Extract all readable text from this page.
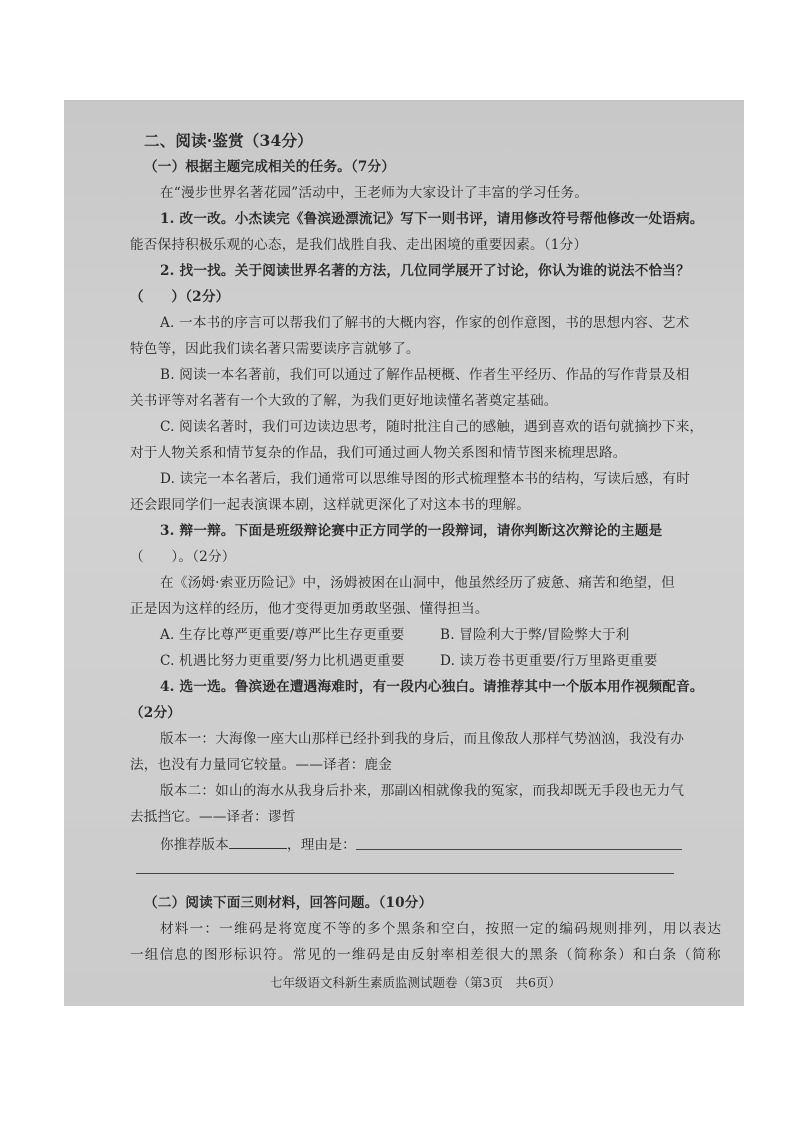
二、阅读·鉴赏（34分）
（一）根据主题完成相关的任务。（7分）
在“漫步世界名著花园”活动中，王老师为大家设计了丰富的学习任务。
1. 改一改。小杰读完《鲁滨逊漂流记》写下一则书评，请用修改符号帮他修改一处语病。
能否保持积极乐观的心态，是我们战胜自我、走出困境的重要因素。（1分）
2. 找一找。关于阅读世界名著的方法，几位同学展开了讨论，你认为谁的说法不恰当？
（　　）（2分）
A. 一本书的序言可以帮我们了解书的大概内容，作家的创作意图，书的思想内容、艺术
特色等，因此我们读名著只需要读序言就够了。
B. 阅读一本名著前，我们可以通过了解作品梗概、作者生平经历、作品的写作背景及相
关书评等对名著有一个大致的了解，为我们更好地读懂名著奠定基础。
C. 阅读名著时，我们可边读边思考，随时批注自己的感触，遇到喜欢的语句就摘抄下来，
对于人物关系和情节复杂的作品，我们可通过画人物关系图和情节图来梳理思路。
D. 读完一本名著后，我们通常可以思维导图的形式梳理整本书的结构，写读后感，有时
还会跟同学们一起表演课本剧，这样就更深化了对这本书的理解。
3. 辩一辩。下面是班级辩论赛中正方同学的一段辩词，请你判断这次辩论的主题是
（　　）。（2分）
在《汤姆·索亚历险记》中，汤姆被困在山洞中，他虽然经历了疲惫、痛苦和绝望，但
正是因为这样的经历，他才变得更加勇敢坚强、懂得担当。
A. 生存比尊严更重要/尊严比生存更重要	B. 冒险利大于弊/冒险弊大于利
C. 机遇比努力更重要/努力比机遇更重要	D. 读万卷书更重要/行万里路更重要
4. 选一选。鲁滨逊在遭遇海难时，有一段内心独白。请推荐其中一个版本用作视频配音。
（2分）
版本一：大海像一座大山那样已经扑到我的身后，而且像敌人那样气势汹汹，我没有办
法，也没有力量同它较量。——译者：鹿金
版本二：如山的海水从我身后扑来，那副凶相就像我的冤家，而我却既无手段也无力气
去抵挡它。——译者：谬哲
你推荐版本	，理由是：
（二）阅读下面三则材料，回答问题。（10分）
材料一：一维码是将宽度不等的多个黑条和空白，按照一定的编码规则排列，用以表达
一组信息的图形标识符。常见的一维码是由反射率相差很大的黑条（简称条）和白条（简称
七年级语文科新生素质监测试题卷（第3页　共6页）
